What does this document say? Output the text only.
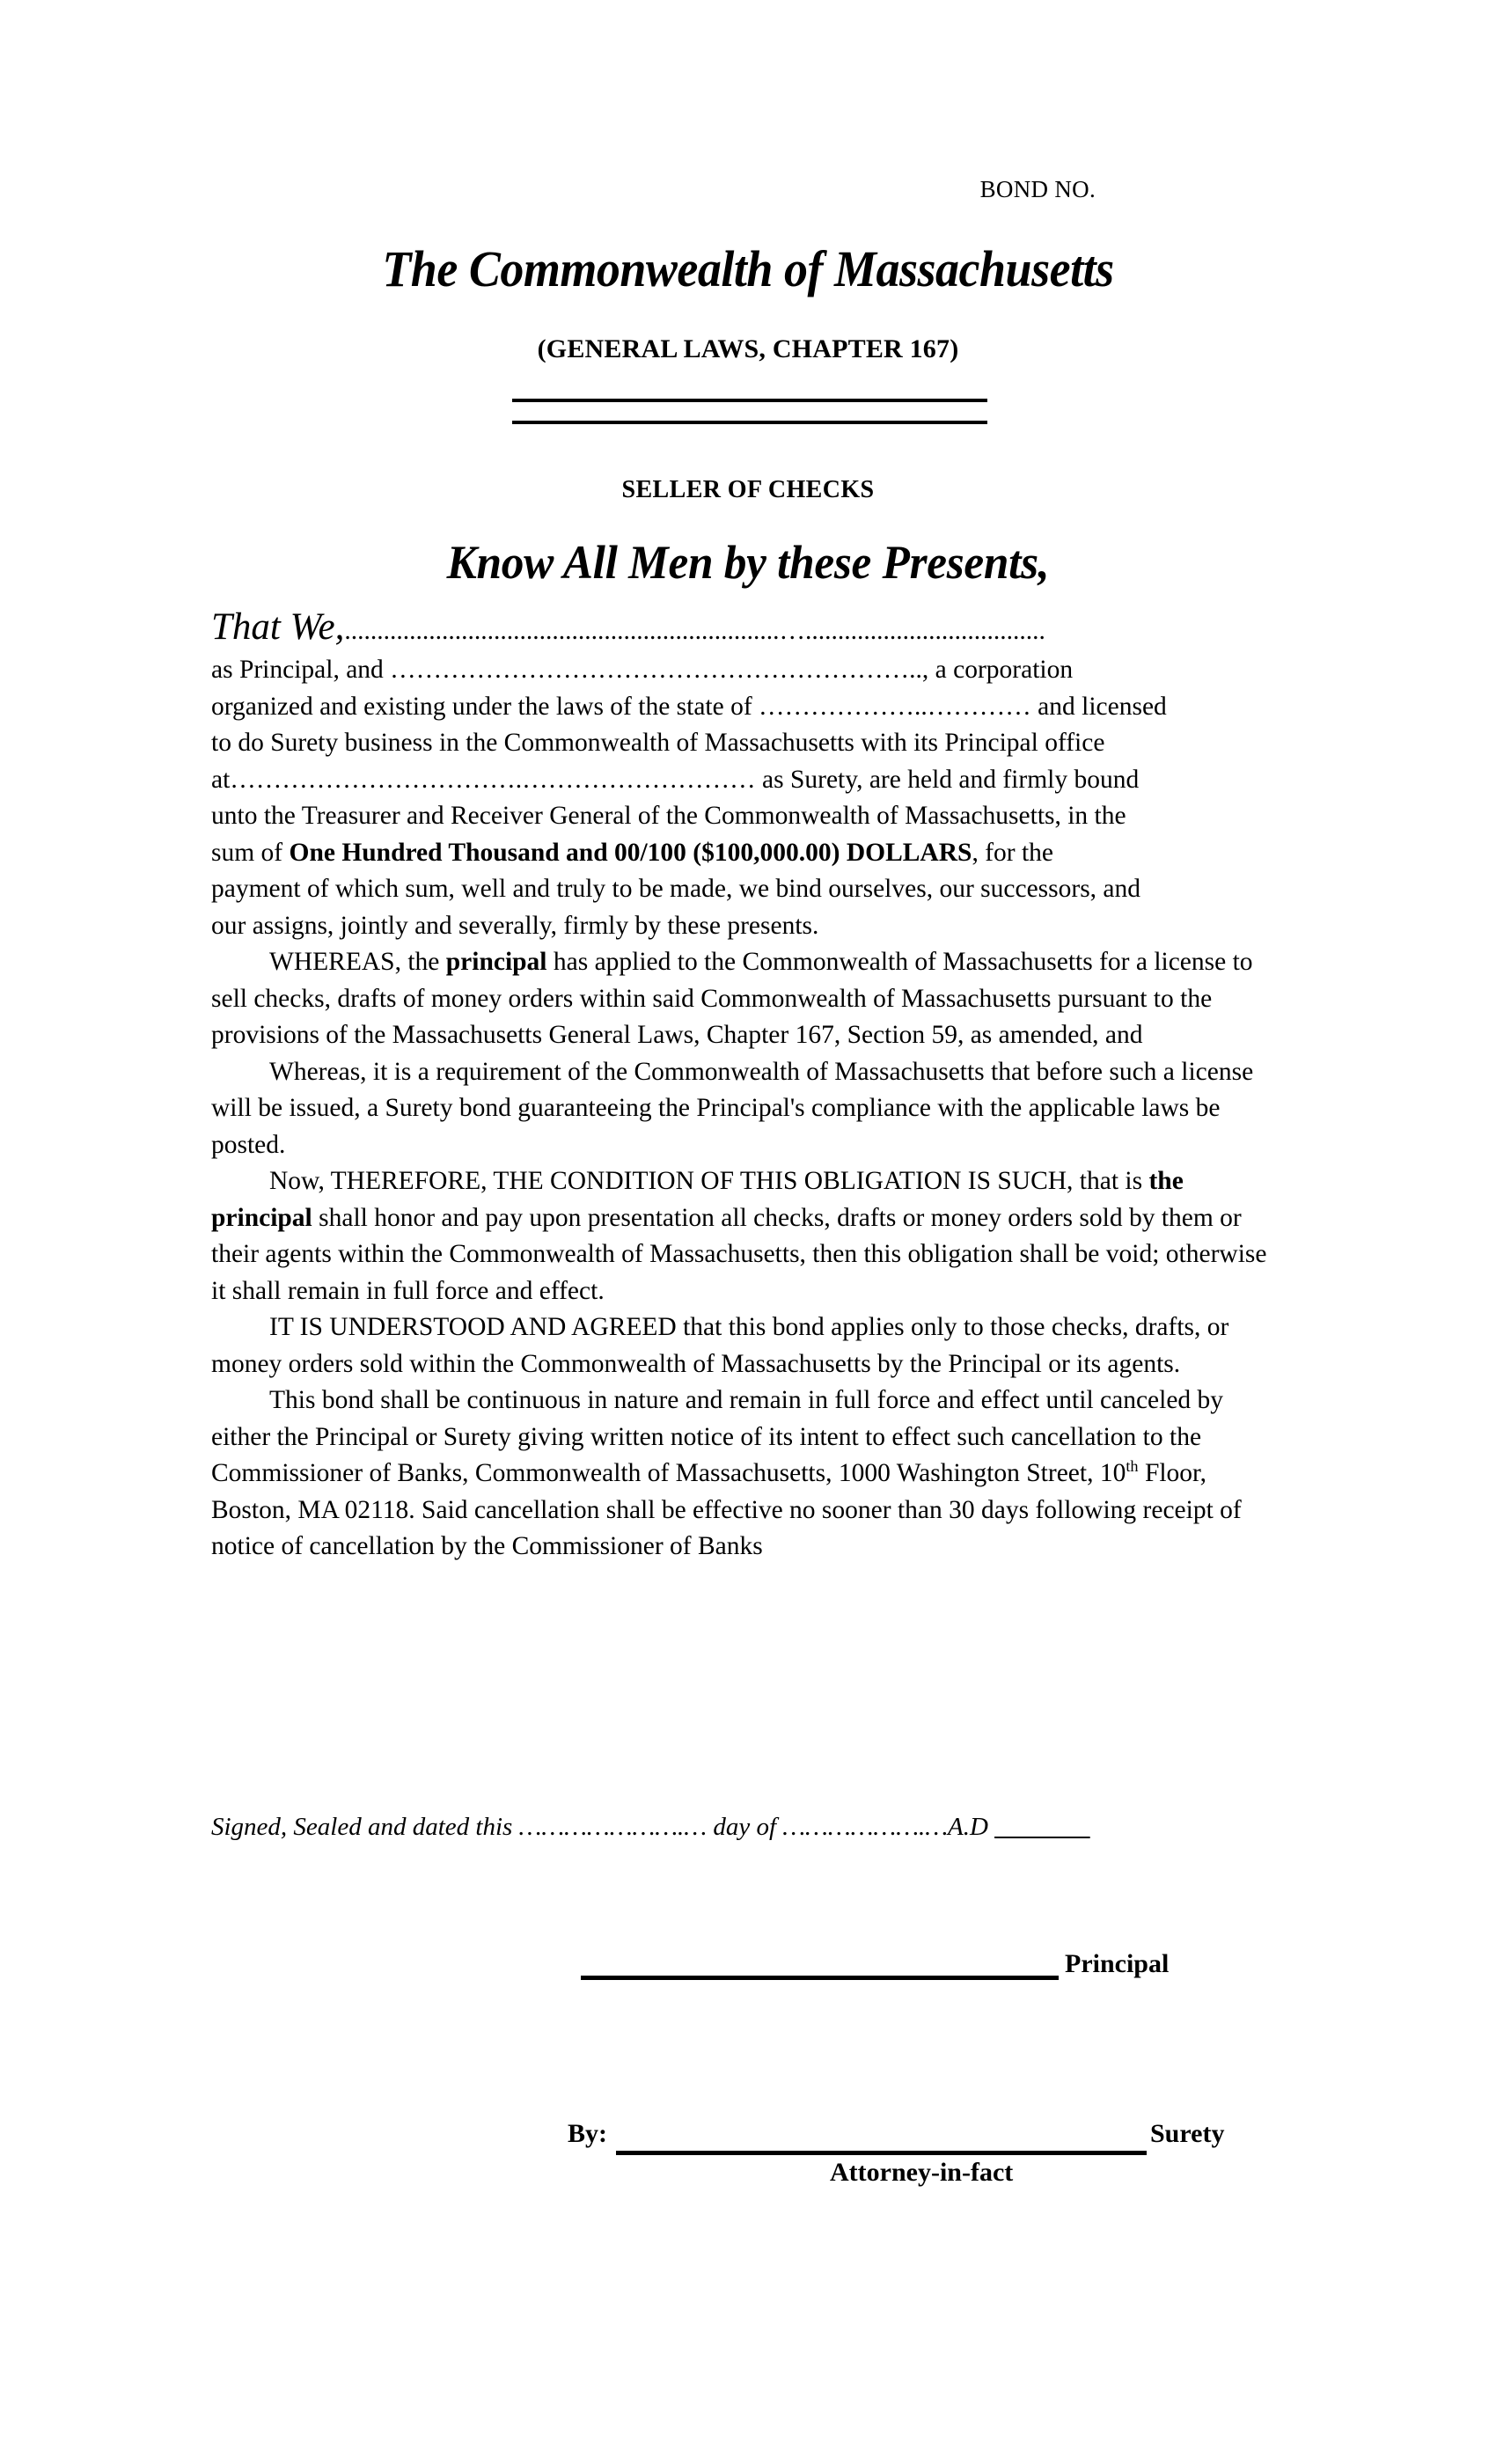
BOND NO.
The Commonwealth of Massachusetts
(GENERAL LAWS, CHAPTER 167)
SELLER OF CHECKS
Know All Men by these Presents,
That We,...................................................................….....................................

as Principal, and …………………………………………………….., a corporation

organized and existing under the laws of the state of ………………..………… and licensed

to do Surety business in the Commonwealth of Massachusetts with its Principal office

at…………………………….……………………… as Surety, are held and firmly bound

unto the Treasurer and Receiver General of the Commonwealth of Massachusetts, in the

sum of One Hundred Thousand and 00/100 ($100,000.00) DOLLARS, for the

payment of which sum, well and truly to be made, we bind ourselves, our successors, and

our assigns, jointly and severally, firmly by these presents.

WHEREAS, the principal has applied to the Commonwealth of Massachusetts for a license to sell checks, drafts of money orders within said Commonwealth of Massachusetts pursuant to the provisions of the Massachusetts General Laws, Chapter 167, Section 59, as amended, and

Whereas, it is a requirement of the Commonwealth of Massachusetts that before such a license will be issued, a Surety bond guaranteeing the Principal's compliance with the applicable laws be posted.

Now, THEREFORE, THE CONDITION OF THIS OBLIGATION IS SUCH, that is the principal shall honor and pay upon presentation all checks, drafts or money orders sold by them or their agents within the Commonwealth of Massachusetts, then this obligation shall be void; otherwise it shall remain in full force and effect.

IT IS UNDERSTOOD AND AGREED that this bond applies only to those checks, drafts, or money orders sold within the Commonwealth of Massachusetts by the Principal or its agents.

This bond shall be continuous in nature and remain in full force and effect until canceled by either the Principal or Surety giving written notice of its intent to effect such cancellation to the Commissioner of Banks, Commonwealth of Massachusetts, 1000 Washington Street, 10th Floor, Boston, MA 02118. Said cancellation shall be effective no sooner than 30 days following receipt of notice of cancellation by the Commissioner of Banks

Signed, Sealed and dated this ………………….… day of ……………….…A.D _______
Principal
By:	Surety
Attorney-in-fact
